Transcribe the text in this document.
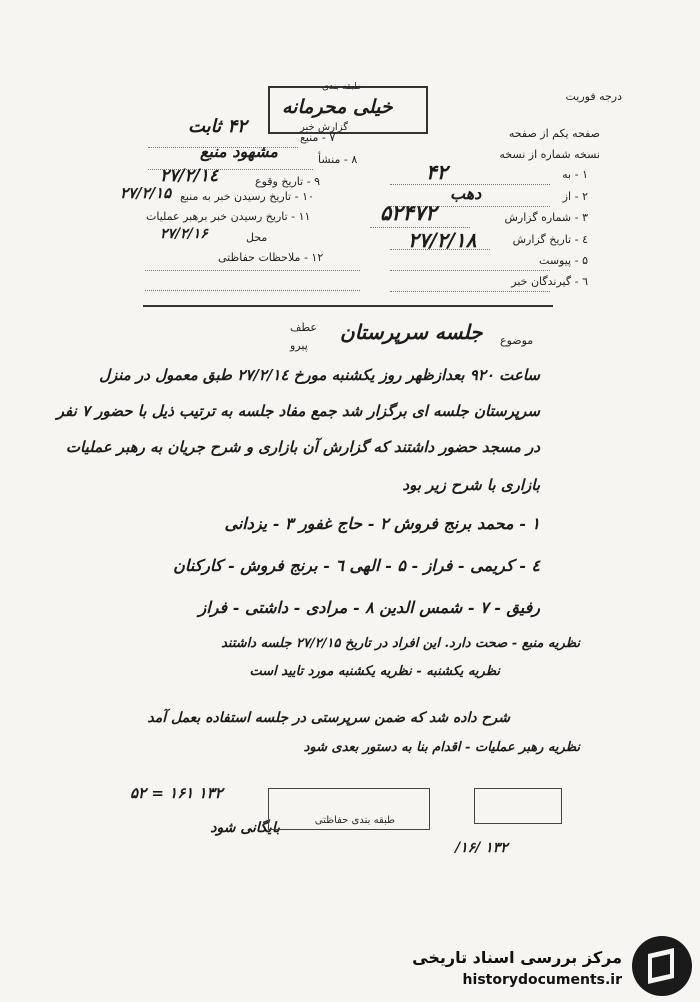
درجه فوریت
طبقه بندی
خیلی محرمانه
گزارش خبر	صفحه یکم از صفحه
نسخه شماره از نسخه
۱ - به
۴۲
۲ - از
دهب
۳ - شماره گزارش
۵۲۴۷۲
٤ - تاریخ گزارش
۲۷/۲/۱۸
۵ - پیوست
٦ - گیرندگان خبر
۷ - منبع
۴۲ ثابت
۸ - منشأ
مشهود منبع
۹ - تاریخ وقوع
۲۷/۲/۱٤
۱۰ - تاریخ رسیدن خبر به منبع
۲۷/۲/۱۵
۱۱ - تاریخ رسیدن خبر برهبر عملیات
۲۷/۲/۱۶	محل
۱۲ - ملاحظات حفاظتی
عطف
پیرو	موضوع
جلسه سرپرستان
ساعت ۹۲۰ بعدازظهر روز یکشنبه مورخ ۲۷/۲/۱٤ طبق معمول در منزل
سرپرستان جلسه ای برگزار شد جمع مفاد جلسه به ترتیب ذیل با حضور ۷ نفر
در مسجد حضور داشتند که گزارش آن بازاری و شرح جریان به رهبر عملیات
بازاری با شرح زیر بود
۱ - محمد برنج فروش ۲ - حاج غفور ۳ - یزدانی
٤ - کریمی - فراز - ۵ - الهی ٦ - برنج فروش - کارکنان
رفیق - ۷ - شمس الدین ۸ - مرادی - داشتی - فراز
نظریه منبع - صحت دارد. این افراد در تاریخ ۲۷/۲/۱۵ جلسه داشتند
نظریه یکشنبه - نظریه یکشنبه مورد تایید است
شرح داده شد که ضمن سرپرستی در جلسه استفاده بعمل آمد
نظریه رهبر عملیات - اقدام بنا به دستور بعدی شود
بایگانی شود	طبقه بندی حفاظتی
۱۳۲ ۱۶۱ = ۵۲
۱۳۲ /۱۶/
مرکز بررسی اسناد تاریخی
historydocuments.ir
